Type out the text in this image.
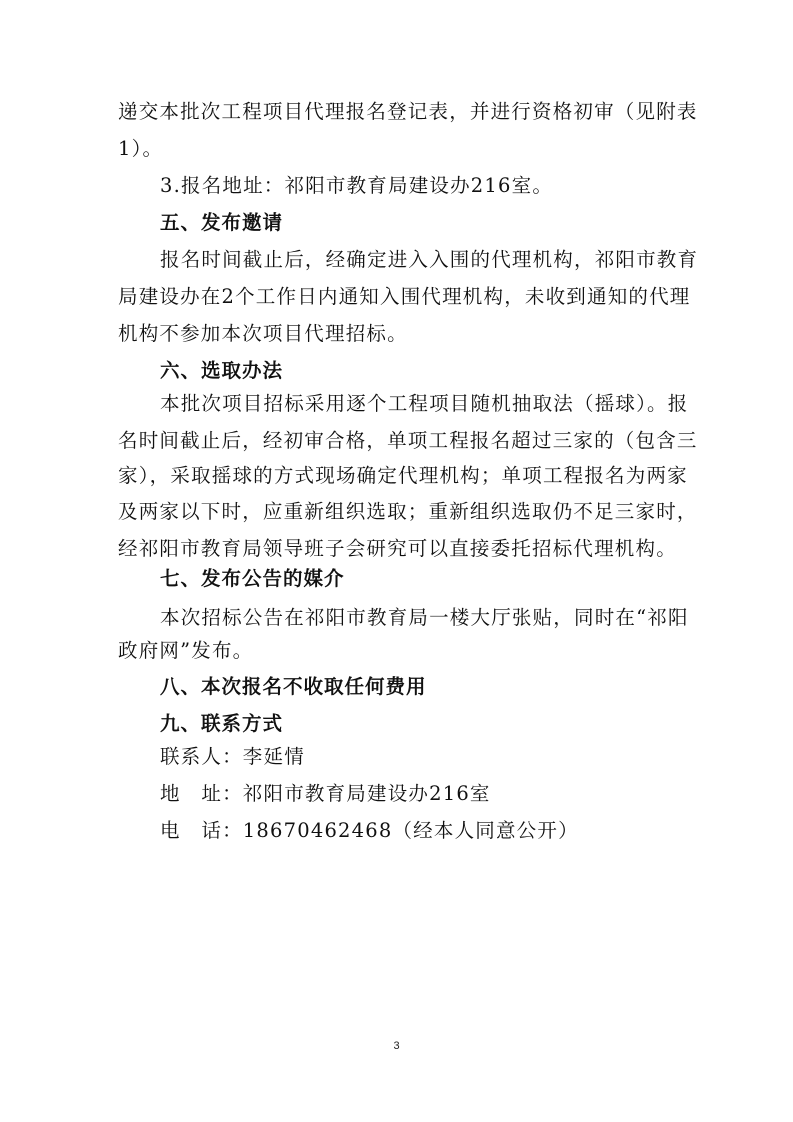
递交本批次工程项目代理报名登记表，并进行资格初审（见附表
1）。
3.报名地址：祁阳市教育局建设办216室。
五、发布邀请
报名时间截止后，经确定进入入围的代理机构，祁阳市教育
局建设办在2个工作日内通知入围代理机构，未收到通知的代理
机构不参加本次项目代理招标。
六、选取办法
本批次项目招标采用逐个工程项目随机抽取法（摇球）。报
名时间截止后，经初审合格，单项工程报名超过三家的（包含三
家），采取摇球的方式现场确定代理机构；单项工程报名为两家
及两家以下时，应重新组织选取；重新组织选取仍不足三家时，
经祁阳市教育局领导班子会研究可以直接委托招标代理机构。
七、发布公告的媒介
本次招标公告在祁阳市教育局一楼大厅张贴，同时在“祁阳
政府网”发布。
八、本次报名不收取任何费用
九、联系方式
联系人：李延情
地　址：祁阳市教育局建设办216室
电　话：18670462468（经本人同意公开）
3
